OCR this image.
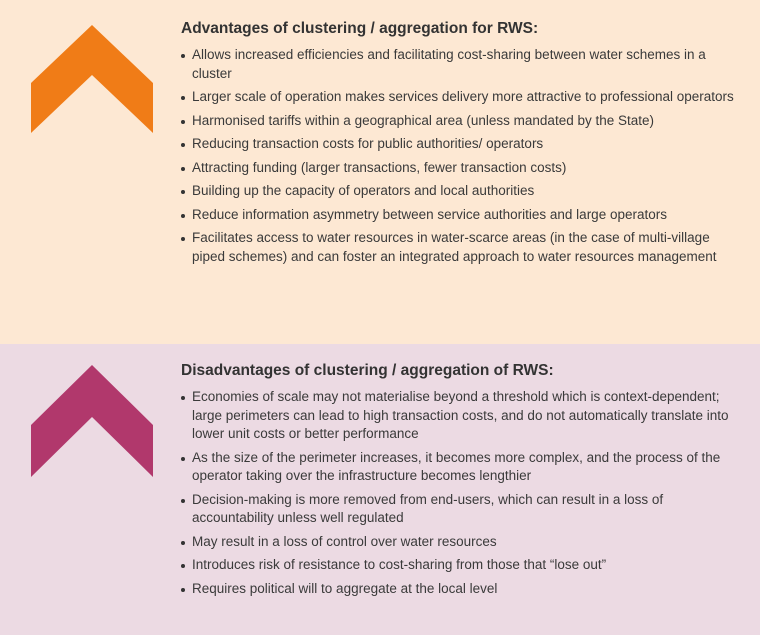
Advantages of clustering / aggregation for RWS:
Allows increased efficiencies and facilitating cost-sharing between water schemes in a cluster
Larger scale of operation makes services delivery more attractive to professional operators
Harmonised tariffs within a geographical area (unless mandated by the State)
Reducing transaction costs for public authorities/ operators
Attracting funding (larger transactions, fewer transaction costs)
Building up the capacity of operators and local authorities
Reduce information asymmetry between service authorities and large operators
Facilitates access to water resources in water-scarce areas (in the case of multi-village piped schemes) and can foster an integrated approach to water resources management
Disadvantages of clustering / aggregation of RWS:
Economies of scale may not materialise beyond a threshold which is context-dependent; large perimeters can lead to high transaction costs, and do not automatically translate into lower unit costs or better performance
As the size of the perimeter increases, it becomes more complex, and the process of the operator taking over the infrastructure becomes lengthier
Decision-making is more removed from end-users, which can result in a loss of accountability unless well regulated
May result in a loss of control over water resources
Introduces risk of resistance to cost-sharing from those that “lose out”
Requires political will to aggregate at the local level
